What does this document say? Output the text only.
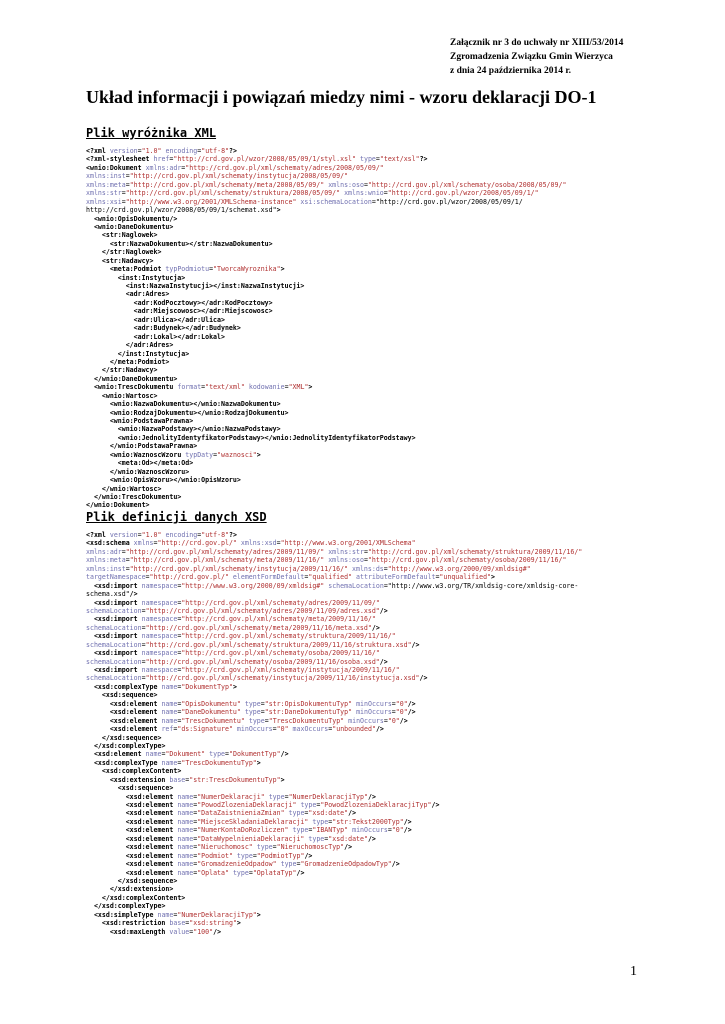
Załącznik nr 3 do uchwały nr XIII/53/2014
Zgromadzenia Związku Gmin Wierzyca
z dnia 24 października 2014 r.
Układ informacji i powiązań miedzy nimi - wzoru deklaracji DO-1
Plik wyróżnika XML
<?xml version="1.0" encoding="utf-8"?>
<?xml-stylesheet href="http://crd.gov.pl/wzor/2008/05/09/1/styl.xsl" type="text/xsl"?>
<wnio:Dokument xmlns:adr="http://crd.gov.pl/xml/schematy/adres/2008/05/09/"
xmlns:inst="http://crd.gov.pl/xml/schematy/instytucja/2008/05/09/"
xmlns:meta="http://crd.gov.pl/xml/schematy/meta/2008/05/09/" xmlns:oso="http://crd.gov.pl/xml/schematy/osoba/2008/05/09/"
xmlns:str="http://crd.gov.pl/xml/schematy/struktura/2008/05/09/" xmlns:wnio="http://crd.gov.pl/wzor/2008/05/09/1/"
xmlns:xsi="http://www.w3.org/2001/XMLSchema-instance" xsi:schemaLocation="http://crd.gov.pl/wzor/2008/05/09/1/
http://crd.gov.pl/wzor/2008/05/09/1/schemat.xsd">
<wnio:OpisDokumentu/>
<wnio:DaneDokumentu>
<str:Naglowek>
<str:NazwaDokumentu></str:NazwaDokumentu>
</str:Naglowek>
<str:Nadawcy>
<meta:Podmiot typPodmiotu="TworcaWyroznika">
<inst:Instytucja>
<inst:NazwaInstytucji></inst:NazwaInstytucji>
<adr:Adres>
<adr:KodPocztowy></adr:KodPocztowy>
<adr:Miejscowosc></adr:Miejscowosc>
<adr:Ulica></adr:Ulica>
<adr:Budynek></adr:Budynek>
<adr:Lokal></adr:Lokal>
</adr:Adres>
</inst:Instytucja>
</meta:Podmiot>
</str:Nadawcy>
</wnio:DaneDokumentu>
<wnio:TrescDokumentu format="text/xml" kodowanie="XML">
<wnio:Wartosc>
<wnio:NazwaDokumentu></wnio:NazwaDokumentu>
<wnio:RodzajDokumentu></wnio:RodzajDokumentu>
<wnio:PodstawaPrawna>
<wnio:NazwaPodstawy></wnio:NazwaPodstawy>
<wnio:JednolityIdentyfikatorPodstawy></wnio:JednolityIdentyfikatorPodstawy>
</wnio:PodstawaPrawna>
<wnio:WaznoscWzoru typDaty="waznosci">
<meta:Od></meta:Od>
</wnio:WaznoscWzoru>
<wnio:OpisWzoru></wnio:OpisWzoru>
</wnio:Wartosc>
</wnio:TrescDokumentu>
</wnio:Dokument>
Plik definicji danych XSD
<?xml version="1.0" encoding="utf-8"?>
<xsd:schema xmlns="http://crd.gov.pl/" xmlns:xsd="http://www.w3.org/2001/XMLSchema"
xmlns:adr="http://crd.gov.pl/xml/schematy/adres/2009/11/09/" xmlns:str="http://crd.gov.pl/xml/schematy/struktura/2009/11/16/"
xmlns:meta="http://crd.gov.pl/xml/schematy/meta/2009/11/16/" xmlns:oso="http://crd.gov.pl/xml/schematy/osoba/2009/11/16/"
xmlns:inst="http://crd.gov.pl/xml/schematy/instytucja/2009/11/16/" xmlns:ds="http://www.w3.org/2000/09/xmldsig#"
targetNamespace="http://crd.gov.pl/" elementFormDefault="qualified" attributeFormDefault="unqualified">
<xsd:import namespace="http://www.w3.org/2000/09/xmldsig#" schemaLocation="http://www.w3.org/TR/xmldsig-core/xmldsig-core-
schema.xsd"/>
<xsd:import namespace="http://crd.gov.pl/xml/schematy/adres/2009/11/09/"
schemaLocation="http://crd.gov.pl/xml/schematy/adres/2009/11/09/adres.xsd"/>
<xsd:import namespace="http://crd.gov.pl/xml/schematy/meta/2009/11/16/"
schemaLocation="http://crd.gov.pl/xml/schematy/meta/2009/11/16/meta.xsd"/>
<xsd:import namespace="http://crd.gov.pl/xml/schematy/struktura/2009/11/16/"
schemaLocation="http://crd.gov.pl/xml/schematy/struktura/2009/11/16/struktura.xsd"/>
<xsd:import namespace="http://crd.gov.pl/xml/schematy/osoba/2009/11/16/"
schemaLocation="http://crd.gov.pl/xml/schematy/osoba/2009/11/16/osoba.xsd"/>
<xsd:import namespace="http://crd.gov.pl/xml/schematy/instytucja/2009/11/16/"
schemaLocation="http://crd.gov.pl/xml/schematy/instytucja/2009/11/16/instytucja.xsd"/>
<xsd:complexType name="DokumentTyp">
<xsd:sequence>
<xsd:element name="OpisDokumentu" type="str:OpisDokumentuTyp" minOccurs="0"/>
<xsd:element name="DaneDokumentu" type="str:DaneDokumentuTyp" minOccurs="0"/>
<xsd:element name="TrescDokumentu" type="TrescDokumentuTyp" minOccurs="0"/>
<xsd:element ref="ds:Signature" minOccurs="0" maxOccurs="unbounded"/>
</xsd:sequence>
</xsd:complexType>
<xsd:element name="Dokument" type="DokumentTyp"/>
<xsd:complexType name="TrescDokumentuTyp">
<xsd:complexContent>
<xsd:extension base="str:TrescDokumentuTyp">
<xsd:sequence>
<xsd:element name="NumerDeklaracji" type="NumerDeklaracjiTyp"/>
<xsd:element name="PowodZlozeniaDeklaracji" type="PowodZlozeniaDeklaracjiTyp"/>
<xsd:element name="DataZaistnieniaZmian" type="xsd:date"/>
<xsd:element name="MiejsceSkladaniaDeklaracji" type="str:Tekst2000Typ"/>
<xsd:element name="NumerKontaDoRozliczen" type="IBANTyp" minOccurs="0"/>
<xsd:element name="DataWypelnieniaDeklaracji" type="xsd:date"/>
<xsd:element name="Nieruchomosc" type="NieruchomoscTyp"/>
<xsd:element name="Podmiot" type="PodmiotTyp"/>
<xsd:element name="GromadzenieOdpadow" type="GromadzenieOdpadowTyp"/>
<xsd:element name="Oplata" type="OplataTyp"/>
</xsd:sequence>
</xsd:extension>
</xsd:complexContent>
</xsd:complexType>
<xsd:simpleType name="NumerDeklaracjiTyp">
<xsd:restriction base="xsd:string">
<xsd:maxLength value="100"/>
1
